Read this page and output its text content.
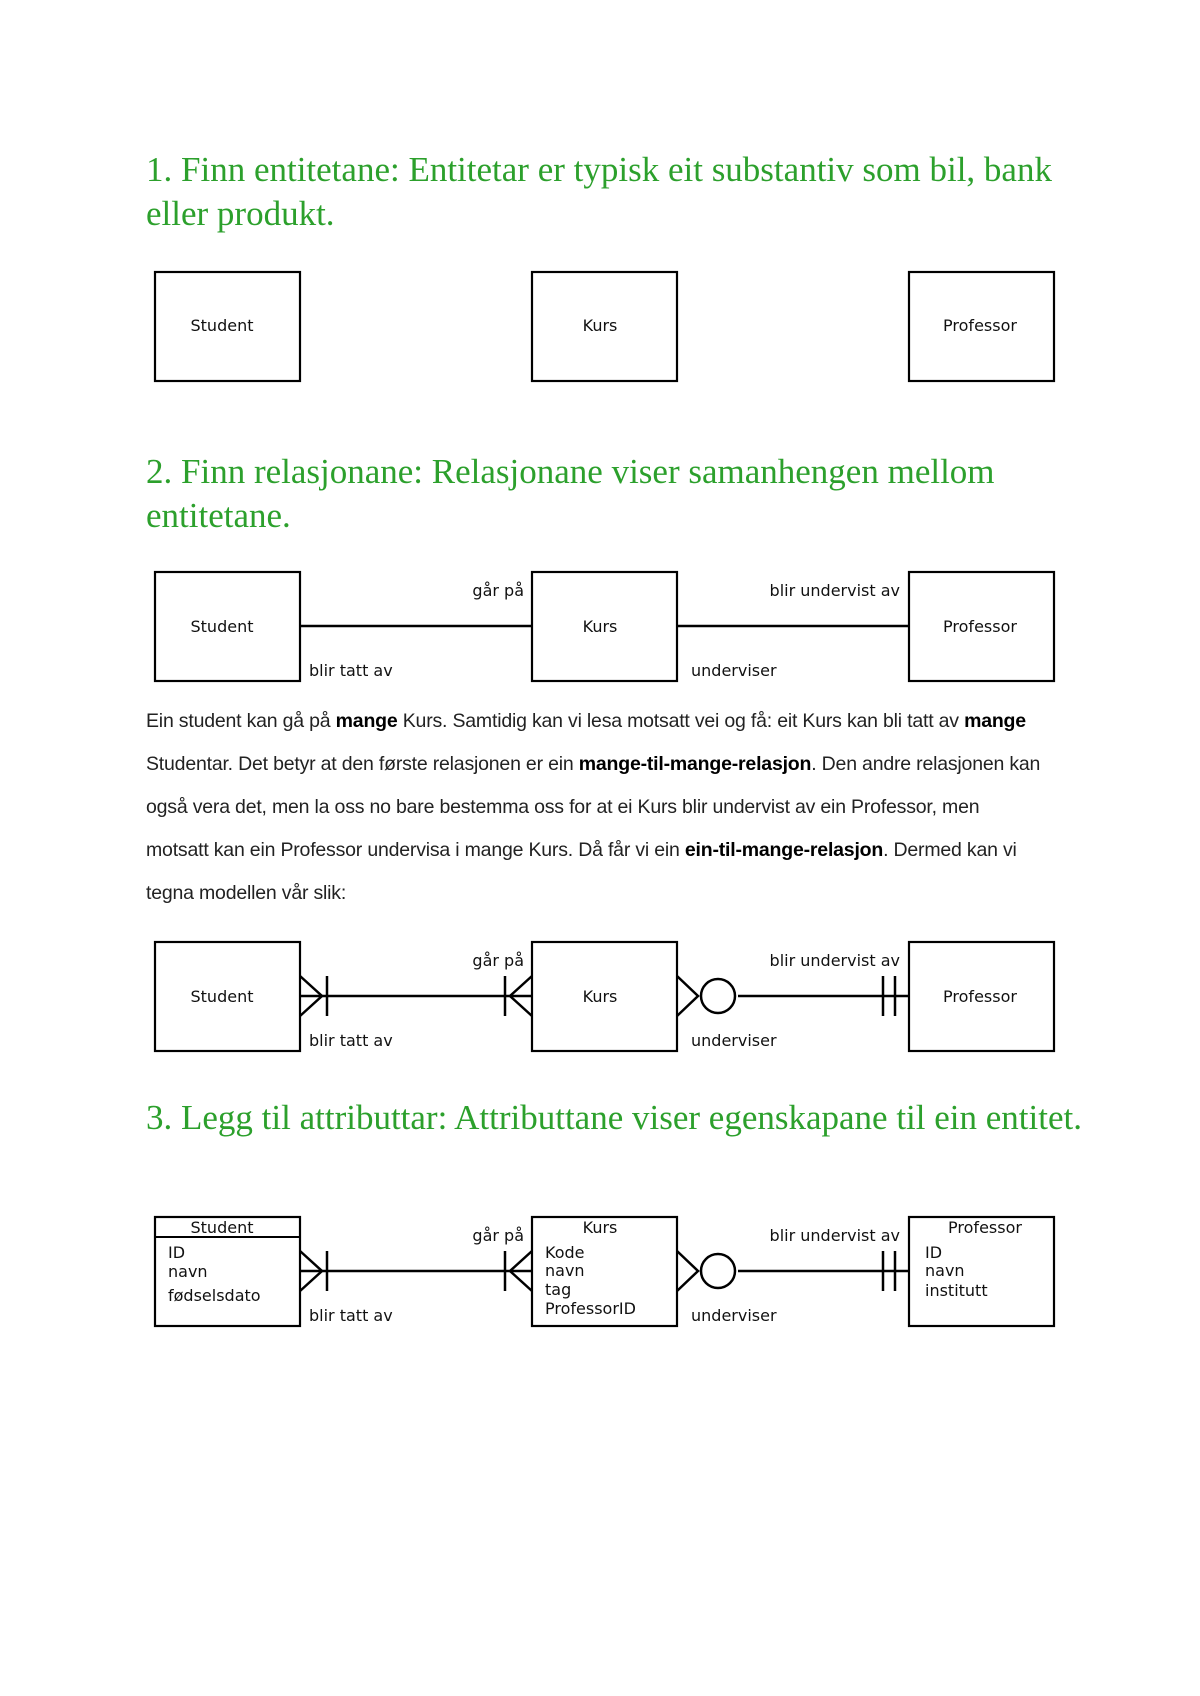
1. Finn entitetane: Entitetar er typisk eit substantiv som bil, bank eller produkt.
Student	Kurs	Professor
2. Finn relasjonane: Relasjonane viser samanhengen mellom entitetane.
Student	Kurs	Professor
går på
blir tatt av
blir undervist av
underviser

Ein student kan gå på mange Kurs. Samtidig kan vi lesa motsatt vei og få: eit Kurs kan bli tatt av mange Studentar. Det betyr at den første relasjonen er ein mange-til-mange-relasjon. Den andre relasjonen kan også vera det, men la oss no bare bestemma oss for at ei Kurs blir undervist av ein Professor, men motsatt kan ein Professor undervisa i mange Kurs. Då får vi ein ein-til-mange-relasjon. Dermed kan vi tegna modellen vår slik:

Student	Kurs	Professor
går på
blir tatt av
blir undervist av
underviser
3. Legg til attributtar: Attributtane viser egenskapane til ein entitet.
Student
ID
navn
fødselsdato
Kurs
Kode
navn
tag
ProfessorID
Professor
ID
navn
institutt
går på
blir tatt av
blir undervist av
underviser
